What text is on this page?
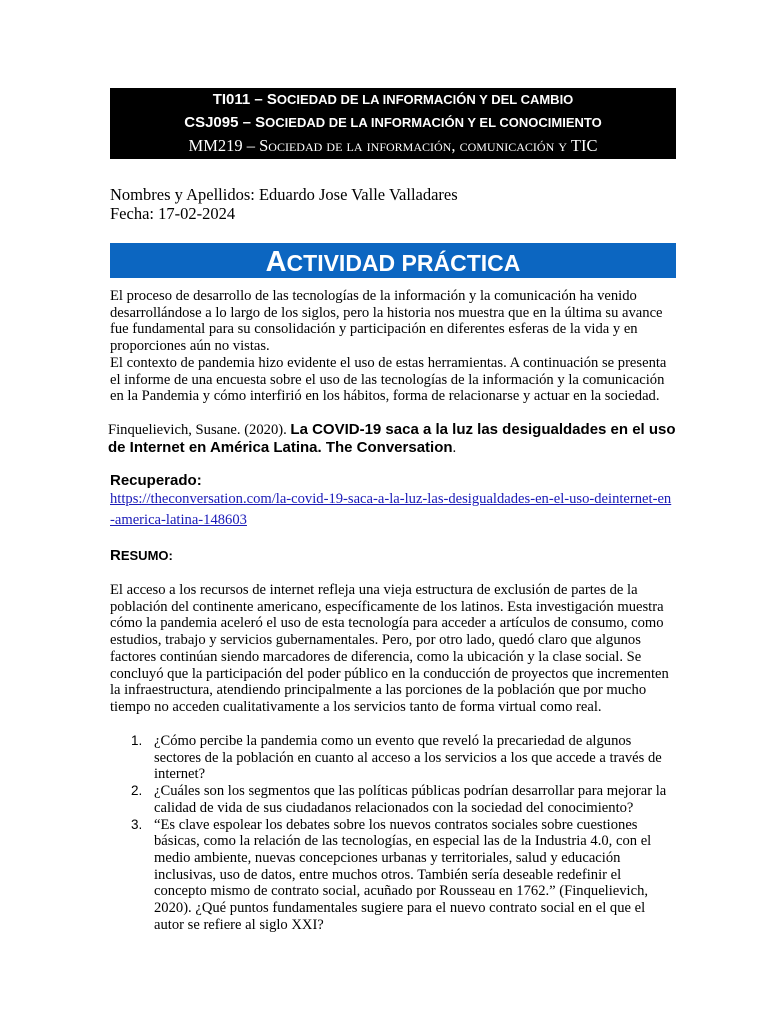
TI011 – SOCIEDAD DE LA INFORMACIÓN Y DEL CAMBIO
CSJ095 – SOCIEDAD DE LA INFORMACIÓN Y EL CONOCIMIENTO
MM219 – Sociedad de la información, comunicación y TIC
Nombres y Apellidos: Eduardo Jose Valle Valladares
Fecha: 17-02-2024
ACTIVIDAD PRÁCTICA
El proceso de desarrollo de las tecnologías de la información y la comunicación ha venido desarrollándose a lo largo de los siglos, pero la historia nos muestra que en la última su avance fue fundamental para su consolidación y participación en diferentes esferas de la vida y en proporciones aún no vistas.
El contexto de pandemia hizo evidente el uso de estas herramientas. A continuación se presenta el informe de una encuesta sobre el uso de las tecnologías de la información y la comunicación en la Pandemia y cómo interfirió en los hábitos, forma de relacionarse y actuar en la sociedad.
Finquelievich, Susane. (2020). La COVID-19 saca a la luz las desigualdades en el uso de Internet en América Latina. The Conversation.
Recuperado:
https://theconversation.com/la-covid-19-saca-a-la-luz-las-desigualdades-en-el-uso-deinternet-en-america-latina-148603
RESUMO:
El acceso a los recursos de internet refleja una vieja estructura de exclusión de partes de la población del continente americano, específicamente de los latinos. Esta investigación muestra cómo la pandemia aceleró el uso de esta tecnología para acceder a artículos de consumo, como estudios, trabajo y servicios gubernamentales. Pero, por otro lado, quedó claro que algunos factores continúan siendo marcadores de diferencia, como la ubicación y la clase social. Se concluyó que la participación del poder público en la conducción de proyectos que incrementen la infraestructura, atendiendo principalmente a las porciones de la población que por mucho tiempo no acceden cualitativamente a los servicios tanto de forma virtual como real.
1. ¿Cómo percibe la pandemia como un evento que reveló la precariedad de algunos sectores de la población en cuanto al acceso a los servicios a los que accede a través de internet?
2. ¿Cuáles son los segmentos que las políticas públicas podrían desarrollar para mejorar la calidad de vida de sus ciudadanos relacionados con la sociedad del conocimiento?
3. “Es clave espolear los debates sobre los nuevos contratos sociales sobre cuestiones básicas, como la relación de las tecnologías, en especial las de la Industria 4.0, con el medio ambiente, nuevas concepciones urbanas y territoriales, salud y educación inclusivas, uso de datos, entre muchos otros. También sería deseable redefinir el concepto mismo de contrato social, acuñado por Rousseau en 1762.” (Finquelievich, 2020). ¿Qué puntos fundamentales sugiere para el nuevo contrato social en el que el autor se refiere al siglo XXI?
